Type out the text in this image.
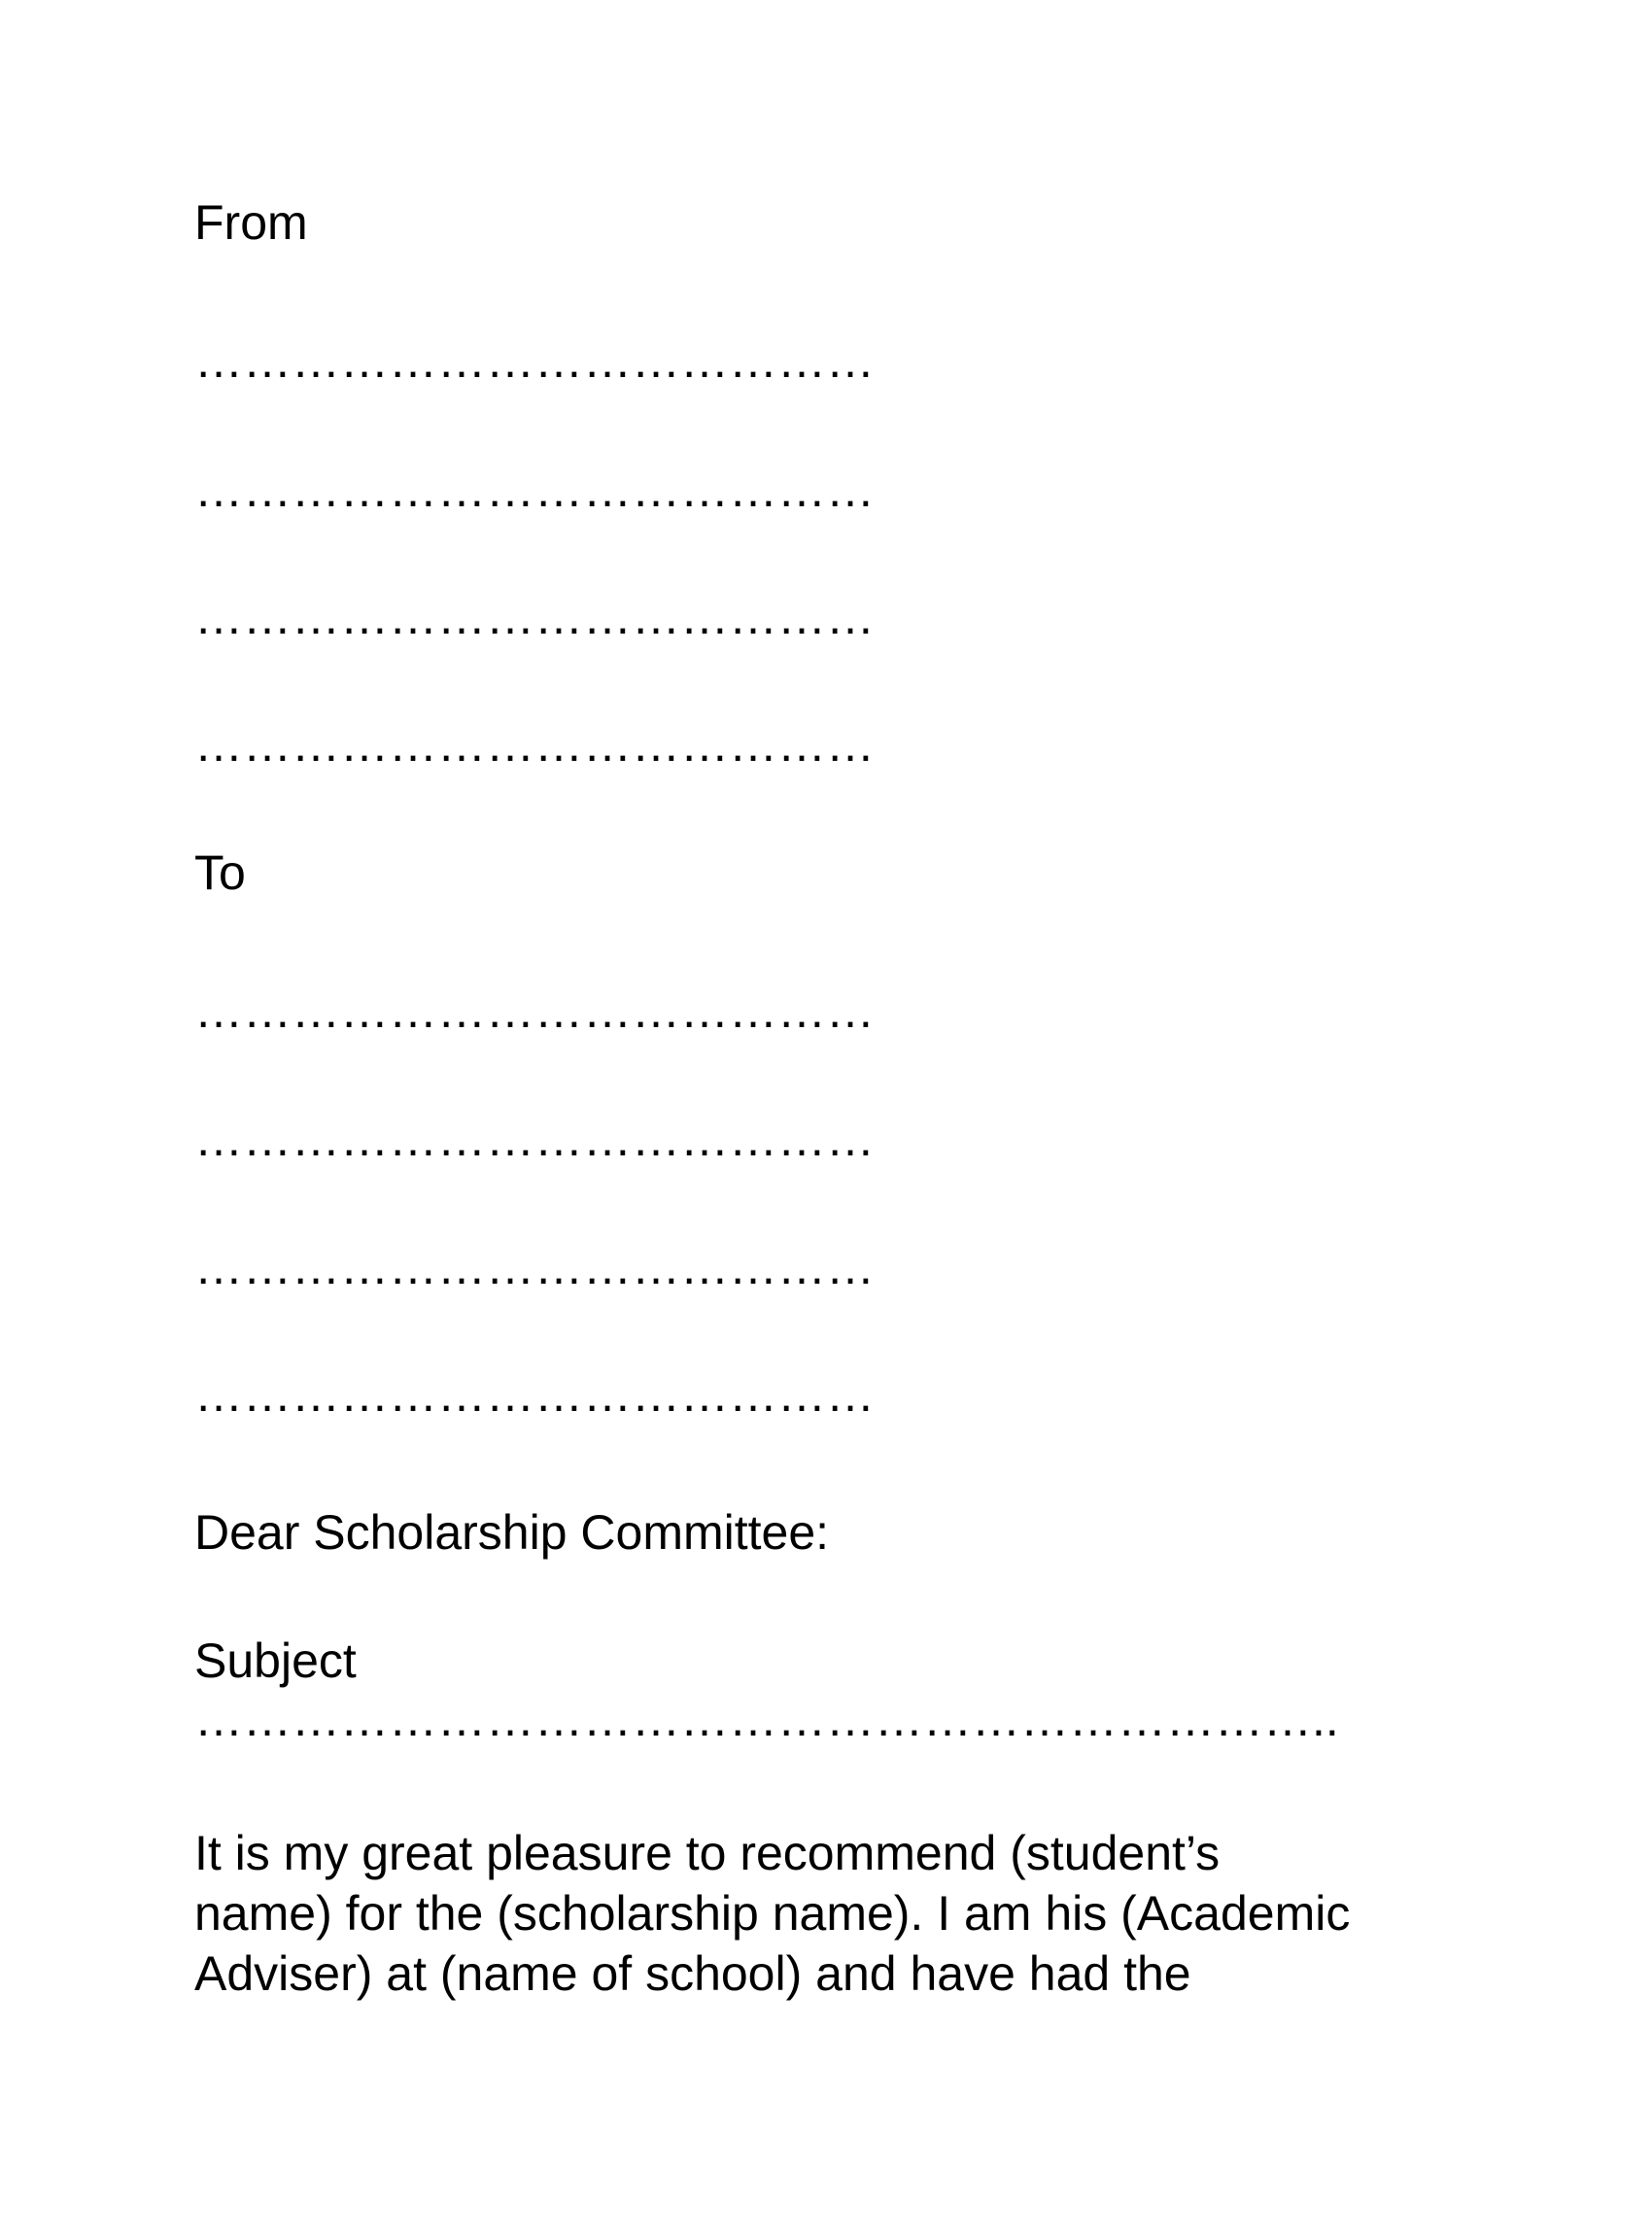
From

……………………………………

……………………………………

……………………………………

……………………………………

To

……………………………………

……………………………………

……………………………………

……………………………………

Dear Scholarship Committee:

Subject

……………………………………………………………..

It is my great pleasure to recommend (student’s
name) for the (scholarship name). I am his (Academic
Adviser) at (name of school) and have had the
